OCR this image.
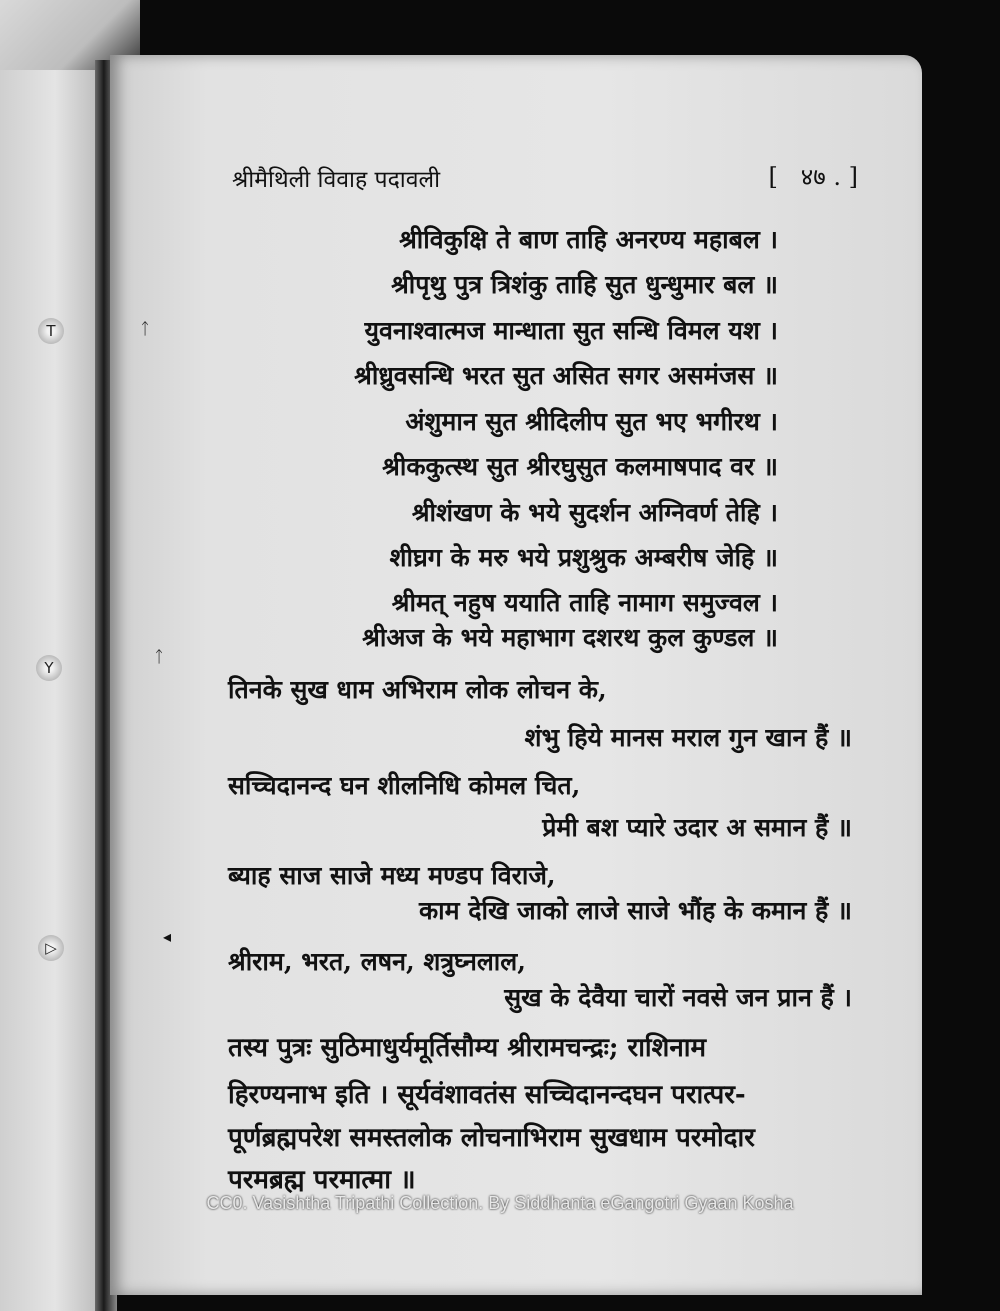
T
Y
▷
ᛏ
ᛏ
◂
श्रीमैथिली विवाह पदावली	[   ४७ . ]
श्रीविकुक्षि ते बाण ताहि अनरण्य महाबल ।
श्रीपृथु पुत्र त्रिशंकु ताहि सुत धुन्धुमार बल ॥
युवनाश्वात्मज मान्धाता सुत सन्धि विमल यश ।
श्रीध्रुवसन्धि भरत सुत असित सगर असमंजस ॥
अंशुमान सुत श्रीदिलीप सुत भए भगीरथ ।
श्रीककुत्स्थ सुत श्रीरघुसुत कलमाषपाद वर ॥
श्रीशंखण के भये सुदर्शन अग्निवर्ण तेहि ।
शीघ्रग के मरु भये प्रशुश्रुक अम्बरीष जेहि ॥
श्रीमत् नहुष ययाति ताहि नामाग समुज्वल ।
श्रीअज के भये महाभाग दशरथ कुल कुण्डल ॥
तिनके सुख धाम अभिराम लोक लोचन के,
शंभु हिये मानस मराल गुन खान हैं ॥
सच्चिदानन्द घन शीलनिधि कोमल चित,
प्रेमी बश प्यारे उदार अ समान हैं ॥
ब्याह साज साजे मध्य मण्डप विराजे,
काम देखि जाको लाजे साजे भौंह के कमान हैं ॥
श्रीराम, भरत, लषन, शत्रुघ्नलाल,
सुख के देवैया चारों नवसे जन प्रान हैं ।
तस्य पुत्रः सुठिमाधुर्यमूर्तिसौम्य श्रीरामचन्द्रः; राशिनाम
हिरण्यनाभ इति । सूर्यवंशावतंस सच्चिदानन्दघन परात्पर-
पूर्णब्रह्मपरेश समस्तलोक लोचनाभिराम सुखधाम परमोदार
परमब्रह्म परमात्मा ॥
CC0. Vasishtha Tripathi Collection. By Siddhanta eGangotri Gyaan Kosha
